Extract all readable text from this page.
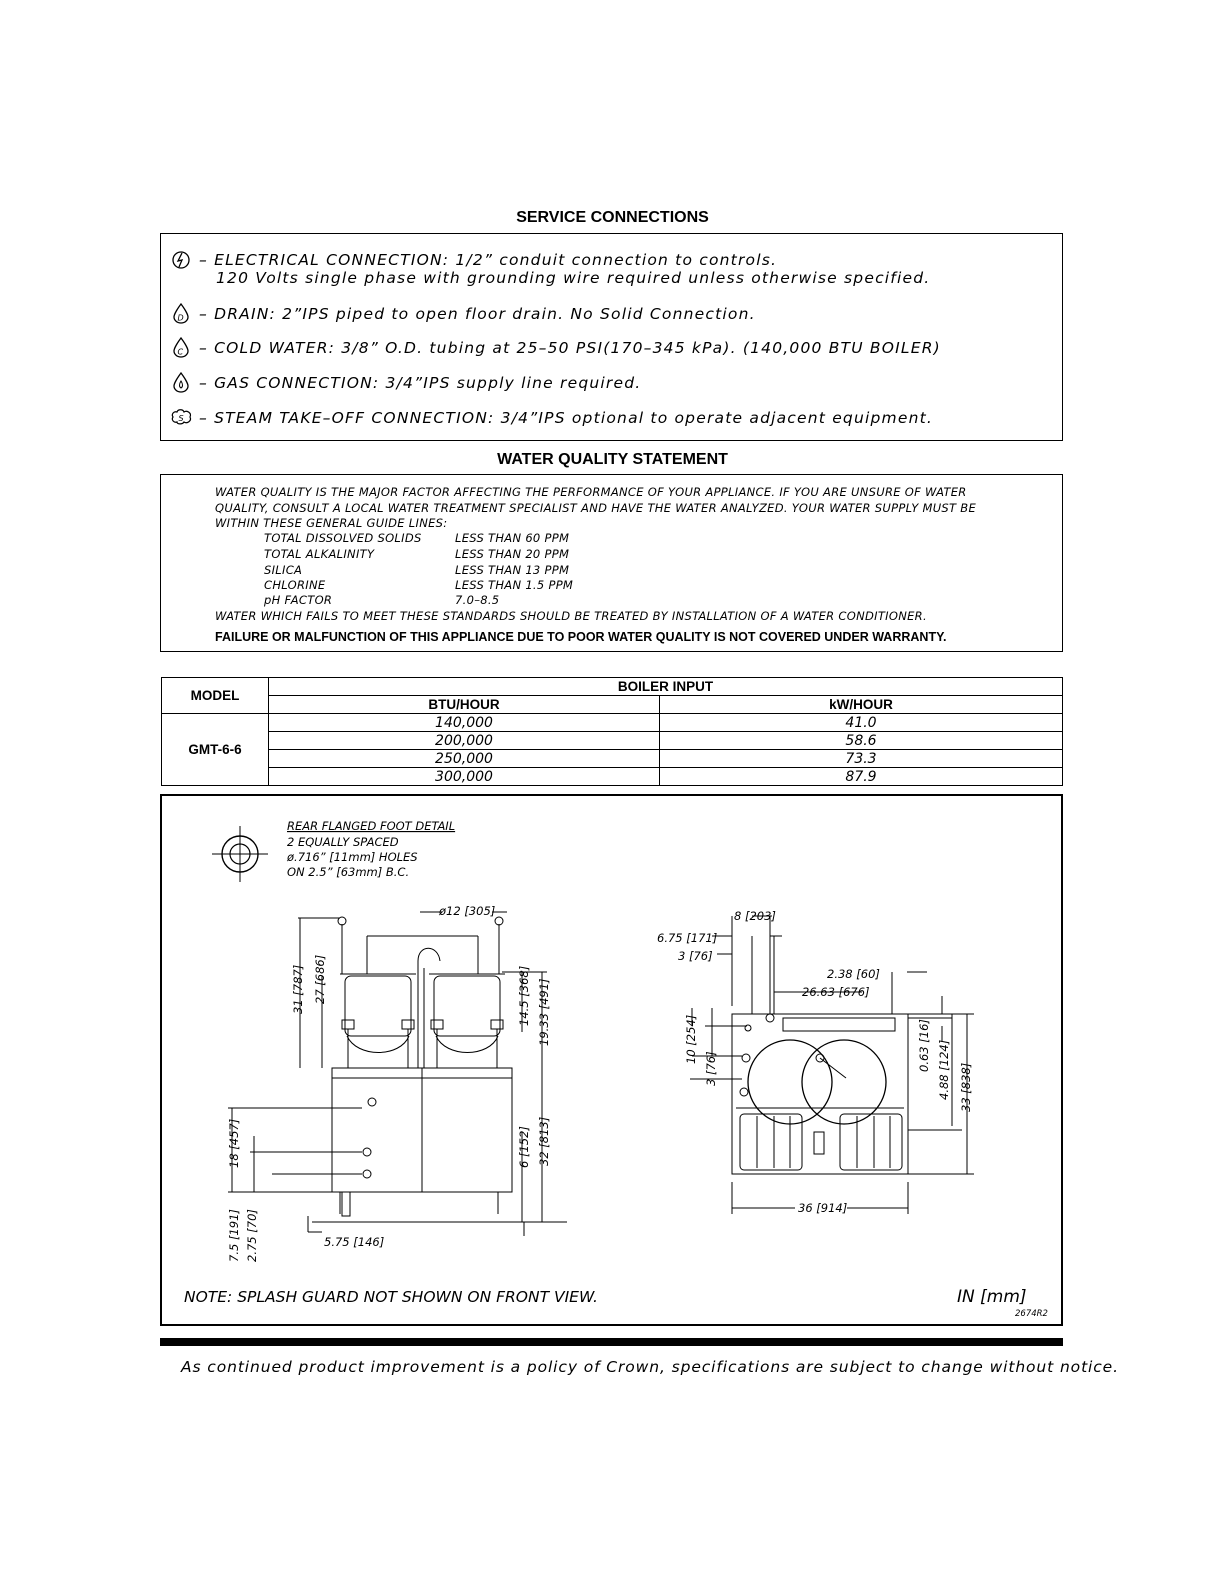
SERVICE CONNECTIONS
– ELECTRICAL CONNECTION: 1/2” conduit connection to controls.
120 Volts single phase with grounding wire required unless otherwise specified.
D – DRAIN: 2”IPS piped to open floor drain. No Solid Connection.
C – COLD WATER: 3/8” O.D. tubing at 25–50 PSI(170–345 kPa). (140,000 BTU BOILER)
– GAS CONNECTION: 3/4”IPS supply line required.
S – STEAM TAKE–OFF CONNECTION: 3/4”IPS optional to operate adjacent equipment.
WATER QUALITY STATEMENT
WATER QUALITY IS THE MAJOR FACTOR AFFECTING THE PERFORMANCE OF YOUR APPLIANCE. IF YOU ARE UNSURE OF WATER
QUALITY, CONSULT A LOCAL WATER TREATMENT SPECIALIST AND HAVE THE WATER ANALYZED. YOUR WATER SUPPLY MUST BE
WITHIN THESE GENERAL GUIDE LINES:
TOTAL DISSOLVED SOLIDS	LESS THAN 60 PPM
TOTAL ALKALINITY	LESS THAN 20 PPM
SILICA	LESS THAN 13 PPM
CHLORINE	LESS THAN 1.5 PPM
pH FACTOR	7.0–8.5
WATER WHICH FAILS TO MEET THESE STANDARDS SHOULD BE TREATED BY INSTALLATION OF A WATER CONDITIONER.
FAILURE OR MALFUNCTION OF THIS APPLIANCE DUE TO POOR WATER QUALITY IS NOT COVERED UNDER WARRANTY.
MODEL	BOILER INPUT	
	BTU/HOUR	kW/HOUR
GMT-6-6	140,000	41.0
	200,000	58.6
	250,000	73.3
	300,000	87.9
REAR FLANGED FOOT DETAIL
2 EQUALLY SPACED
ø.716” [11mm] HOLES
ON 2.5” [63mm] B.C.
ø12 [305]
31 [787] 27 [686]	14.5 [368] 19.33 [491]
18 [457]	6 [152] 32 [813]
7.5 [191] 2.75 [70]	5.75 [146]
8 [203]
6.75 [171]
3 [76]
2.38 [60]
26.63 [676]
10 [254]
3 [76]	0.63 [16] 4.88 [124] 33 [838]
36 [914]
NOTE: SPLASH GUARD NOT SHOWN ON FRONT VIEW.	IN [mm]
2674R2
As continued product improvement is a policy of Crown, specifications are subject to change without notice.
